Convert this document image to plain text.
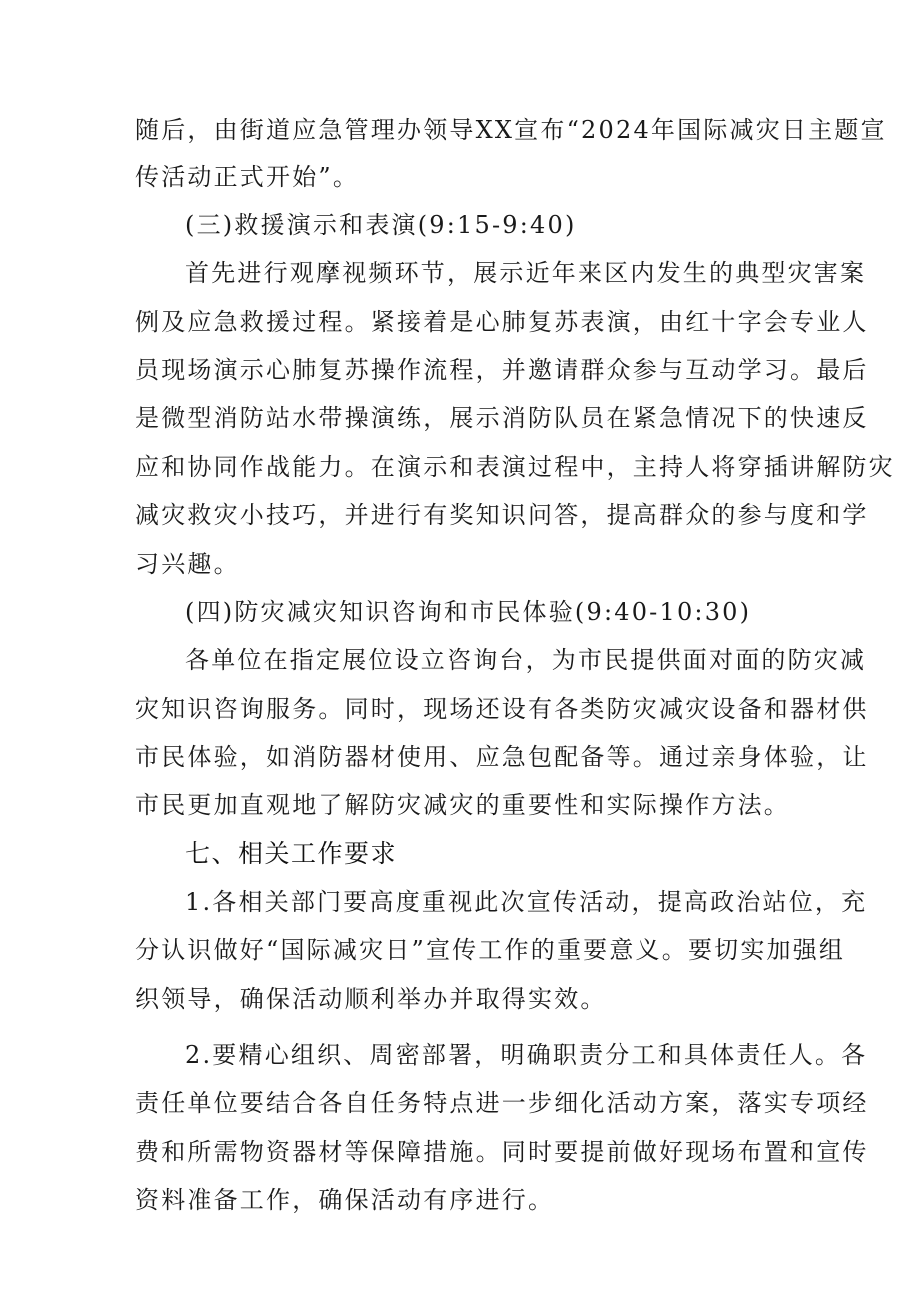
随后，由街道应急管理办领导XX宣布“2024年国际减灾日主题宣
传活动正式开始”。
(三)救援演示和表演(9:15-9:40)
首先进行观摩视频环节，展示近年来区内发生的典型灾害案
例及应急救援过程。紧接着是心肺复苏表演，由红十字会专业人
员现场演示心肺复苏操作流程，并邀请群众参与互动学习。最后
是微型消防站水带操演练，展示消防队员在紧急情况下的快速反
应和协同作战能力。在演示和表演过程中，主持人将穿插讲解防灾
减灾救灾小技巧，并进行有奖知识问答，提高群众的参与度和学
习兴趣。
(四)防灾减灾知识咨询和市民体验(9:40-10:30)
各单位在指定展位设立咨询台，为市民提供面对面的防灾减
灾知识咨询服务。同时，现场还设有各类防灾减灾设备和器材供
市民体验，如消防器材使用、应急包配备等。通过亲身体验，让
市民更加直观地了解防灾减灾的重要性和实际操作方法。
七、相关工作要求
1.各相关部门要高度重视此次宣传活动，提高政治站位，充
分认识做好“国际减灾日”宣传工作的重要意义。要切实加强组
织领导，确保活动顺利举办并取得实效。
2.要精心组织、周密部署，明确职责分工和具体责任人。各
责任单位要结合各自任务特点进一步细化活动方案，落实专项经
费和所需物资器材等保障措施。同时要提前做好现场布置和宣传
资料准备工作，确保活动有序进行。
